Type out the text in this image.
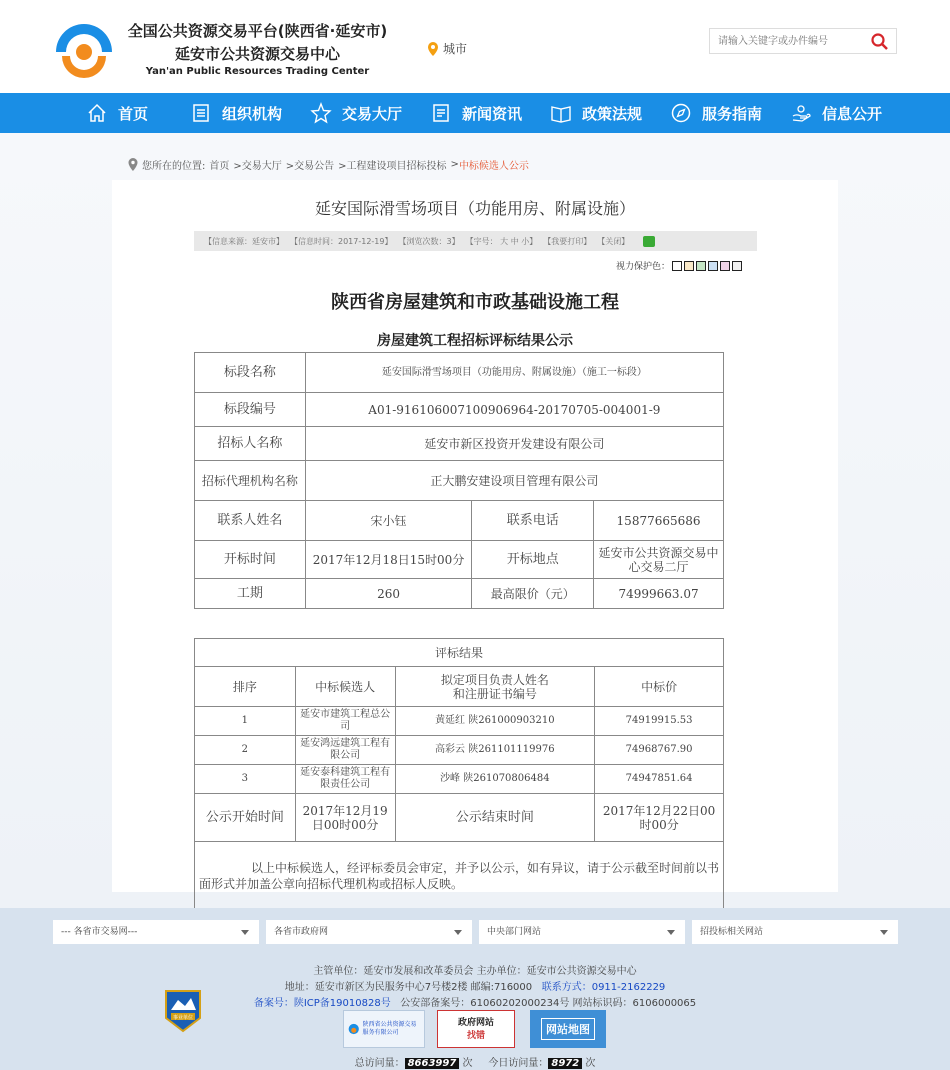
全国公共资源交易平台(陕西省·延安市)
延安市公共资源交易中心
Yan'an Public Resources Trading Center
城市
请输入关键字或办件编号
首页	组织机构	交易大厅	新闻资讯	政策法规	服务指南	信息公开
您所在的位置: 首页 >交易大厅 >交易公告 >工程建设项目招标投标 > 中标候选人公示
延安国际滑雪场项目（功能用房、附属设施）
【信息来源：延安市】 【信息时间：2017-12-19】 【浏览次数：3】 【字号： 大 中 小】 【我要打印】 【关闭】
视力保护色：
陕西省房屋建筑和市政基础设施工程
房屋建筑工程招标评标结果公示
标段名称	延安国际滑雪场项目（功能用房、附属设施）（施工一标段）		
标段编号	A01-916106007100906964-20170705-004001-9		
招标人名称	延安市新区投资开发建设有限公司		
招标代理机构名称	正大鹏安建设项目管理有限公司		
联系人姓名	宋小钰	联系电话	15877665686
开标时间	2017年12月18日15时00分	开标地点	延安市公共资源交易中心交易二厅
工期	260	最高限价（元）	74999663.07
评标结果			
排序	中标候选人	拟定项目负责人姓名和注册证书编号	中标价
1	延安市建筑工程总公司	黄延红 陕261000903210	74919915.53
2	延安鸿远建筑工程有限公司	高彩云 陕261101119976	74968767.90
3	延安泰科建筑工程有限责任公司	沙峰 陕261070806484	74947851.64
公示开始时间	2017年12月19日00时00分	公示结束时间	2017年12月22日00时00分
以上中标候选人，经评标委员会审定，并予以公示，如有异议，请于公示截至时间前以书面形式并加盖公章向招标代理机构或招标人反映。			
--- 各省市交易网---	各省市政府网	中央部门网站	招投标相关网站
主管单位：延安市发展和改革委员会 主办单位：延安市公共资源交易中心
地址：延安市新区为民服务中心7号楼2楼 邮编:716000 联系方式：0911-2162229
备案号：陕ICP备19010828号 公安部备案号：61060202000234号 网站标识码：6106000065
事业单位
陕西省公共资源交易服务有限公司
政府网站
找错	网站地图
总访问量： 8663997 次 今日访问量： 8972 次
